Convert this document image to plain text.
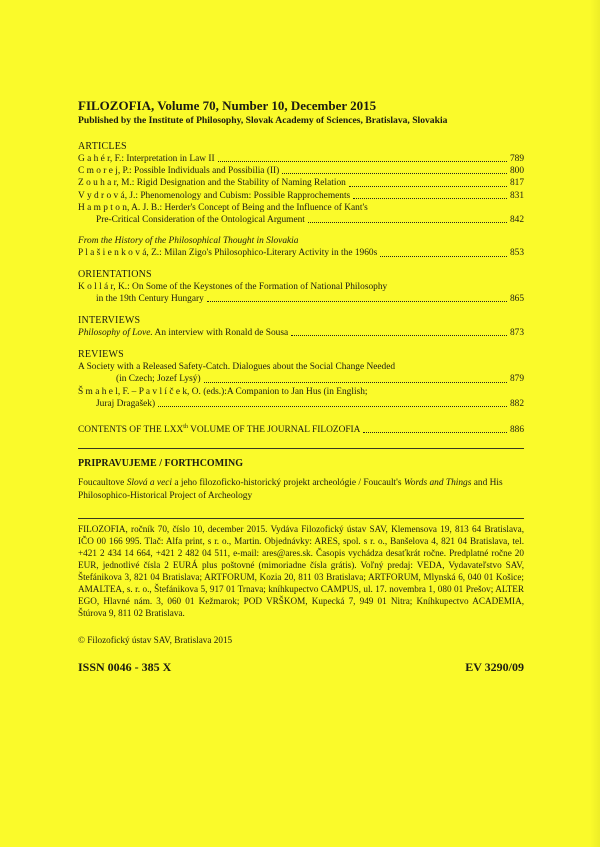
FILOZOFIA, Volume 70, Number 10, December 2015
Published by the Institute of Philosophy, Slovak Academy of Sciences, Bratislava, Slovakia
ARTICLES
G a h é r, F.: Interpretation in Law II	789
C m o r e j, P.: Possible Individuals and Possibilia (II)	800
Z o u h a r, M.: Rigid Designation and the Stability of Naming Relation	817
V y d r o v á, J.: Phenomenology and Cubism: Possible Rapprochements	831
H a m p t o n, A. J. B.: Herder's Concept of Being and the Influence of Kant's
Pre-Critical Consideration of the Ontological Argument	842
From the History of the Philosophical Thought in Slovakia
P l a š i e n k o v á, Z.: Milan Zigo's Philosophico-Literary Activity in the 1960s	853
ORIENTATIONS
K o l l á r, K.: On Some of the Keystones of the Formation of National Philosophy
in the 19th Century Hungary	865
INTERVIEWS
Philosophy of Love. An interview with Ronald de Sousa	873
REVIEWS
A Society with a Released Safety-Catch. Dialogues about the Social Change Needed
(in Czech; Jozef Lysý)	879
Š m a h e l, F. – P a v l í č e k, O. (eds.):A Companion to Jan Hus (in English;
Juraj Dragašek)	882
CONTENTS OF THE LXXth VOLUME OF THE JOURNAL FILOZOFIA	886
PRIPRAVUJEME / FORTHCOMING
Foucaultove Slová a veci a jeho filozoficko-historický projekt archeológie / Foucault's Words and Things and His Philosophico-Historical Project of Archeology
FILOZOFIA, ročník 70, číslo 10, december 2015. Vydáva Filozofický ústav SAV, Klemensova 19, 813 64 Bratislava, IČO 00 166 995. Tlač: Alfa print, s r. o., Martin. Objednávky: ARES, spol. s r. o., Banšelova 4, 821 04 Bratislava, tel. +421 2 434 14 664, +421 2 482 04 511, e-mail: ares@ares.sk. Časopis vychádza desaťkrát ročne. Predplatné ročne 20 EUR, jednotlivé čísla 2 EURÁ plus poštovné (mimoriadne čísla grátis). Voľný predaj: VEDA, Vydavateľstvo SAV, Štefánikova 3, 821 04 Bratislava; ARTFORUM, Kozia 20, 811 03 Bratislava; ARTFORUM, Mlynská 6, 040 01 Košice; AMALTEA, s. r. o., Štefánikova 5, 917 01 Trnava; kníhkupectvo CAMPUS, ul. 17. novembra 1, 080 01 Prešov; ALTER EGO, Hlavné nám. 3, 060 01 Kežmarok; POD VRŠKOM, Kupecká 7, 949 01 Nitra; Kníhkupectvo ACADEMIA, Štúrova 9, 811 02 Bratislava.
© Filozofický ústav SAV, Bratislava 2015
ISSN 0046 - 385 X	EV 3290/09
